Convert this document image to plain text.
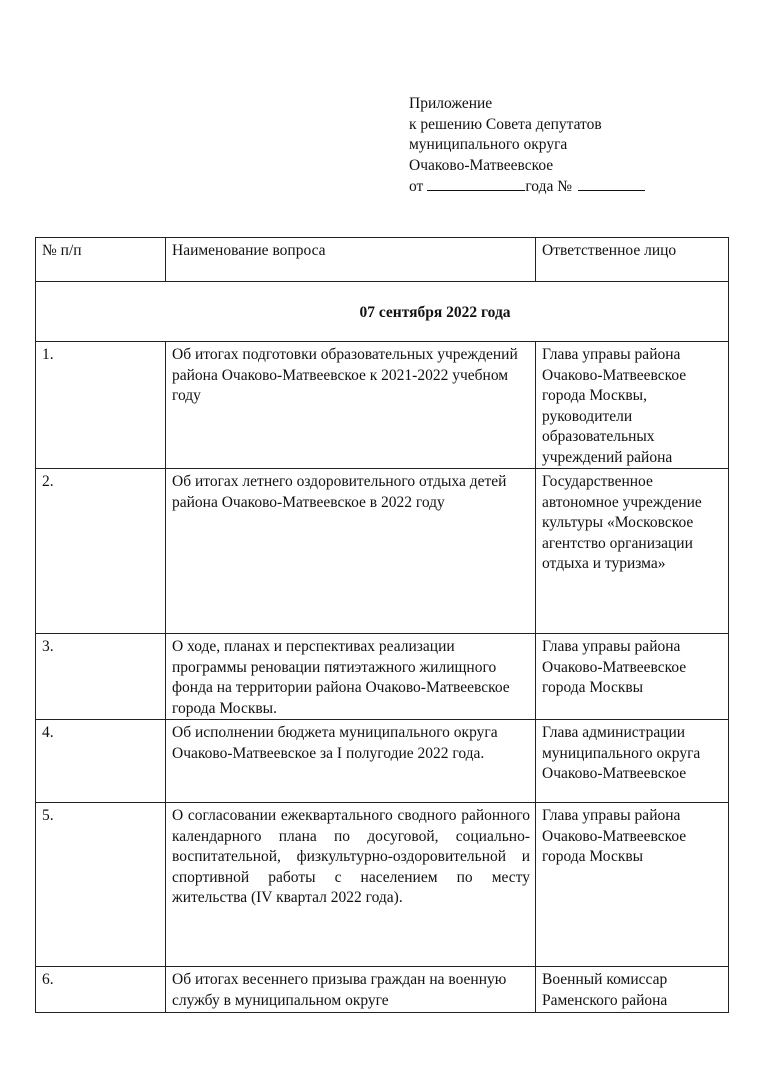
Приложение
к решению Совета депутатов
муниципального округа
Очаково-Матвеевское
от	года №
№ п/п	Наименование вопроса	Ответственное лицо
07 сентября 2022 года		
1.	Об итогах подготовки образовательных учреждений района Очаково-Матвеевское к 2021-2022 учебном году	Глава управы района Очаково-Матвеевское города Москвы, руководители образовательных учреждений района
2.	Об итогах летнего оздоровительного отдыха детей района Очаково-Матвеевское в 2022 году	Государственное автономное учреждение культуры «Московское агентство организации отдыха и туризма»
3.	О ходе, планах и перспективах реализации программы реновации пятиэтажного жилищного фонда на территории района Очаково-Матвеевское города Москвы.	Глава управы района Очаково-Матвеевское города Москвы
4.	Об исполнении бюджета муниципального округа Очаково-Матвеевское за I полугодие 2022 года.	Глава администрации муниципального округа Очаково-Матвеевское
5.	О согласовании ежеквартального сводного районного календарного плана по досуговой, социально-воспитательной, физкультурно-оздоровительной и спортивной работы с населением по месту жительства (IV квартал 2022 года).	Глава управы района Очаково-Матвеевское города Москвы
6.	Об итогах весеннего призыва граждан на военную службу в муниципальном округе	Военный комиссар Раменского района
